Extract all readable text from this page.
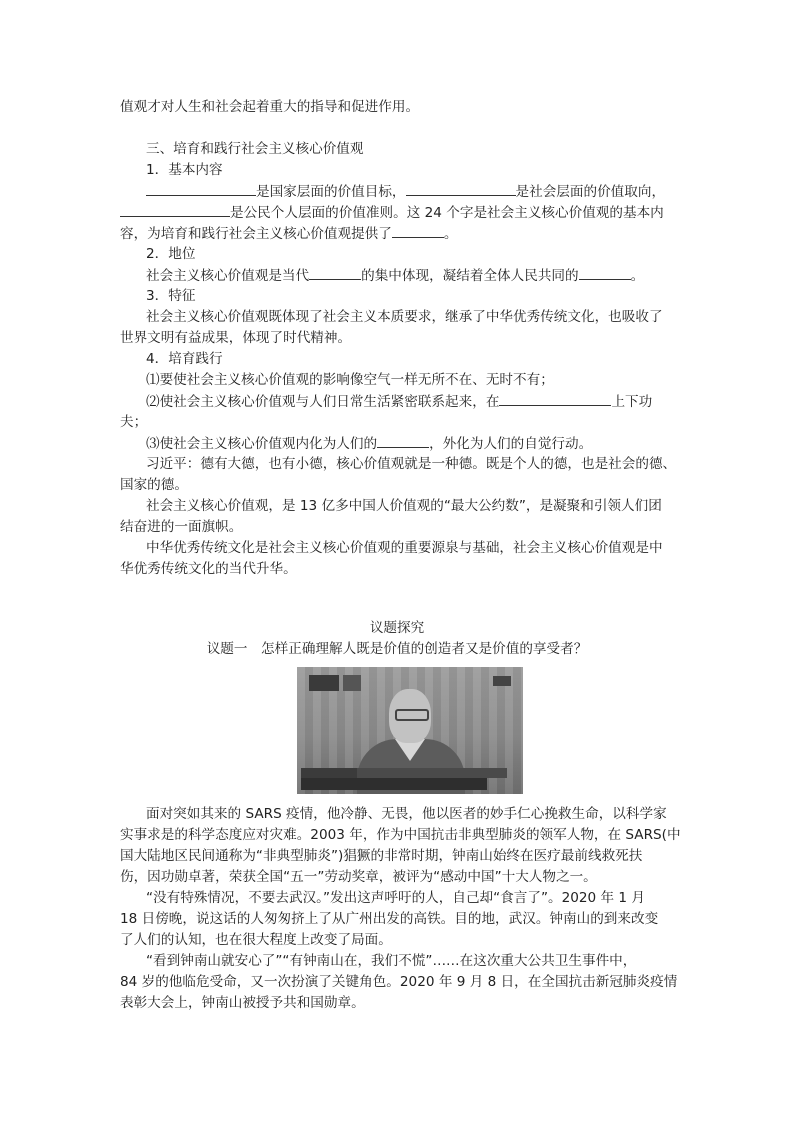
值观才对人生和社会起着重大的指导和促进作用。
三、培育和践行社会主义核心价值观
1．基本内容
是国家层面的价值目标，	是社会层面的价值取向，
是公民个人层面的价值准则。这 24 个字是社会主义核心价值观的基本内
容，为培育和践行社会主义核心价值观提供了	。
2．地位
社会主义核心价值观是当代	的集中体现，凝结着全体人民共同的	。
3．特征
社会主义核心价值观既体现了社会主义本质要求，继承了中华优秀传统文化，也吸收了
世界文明有益成果，体现了时代精神。
4．培育践行
⑴要使社会主义核心价值观的影响像空气一样无所不在、无时不有；
⑵使社会主义核心价值观与人们日常生活紧密联系起来，在	上下功
夫；
⑶使社会主义核心价值观内化为人们的	，外化为人们的自觉行动。
习近平：德有大德，也有小德，核心价值观就是一种德。既是个人的德，也是社会的德、
国家的德。
社会主义核心价值观，是 13 亿多中国人价值观的“最大公约数”，是凝聚和引领人们团
结奋进的一面旗帜。
中华优秀传统文化是社会主义核心价值观的重要源泉与基础，社会主义核心价值观是中
华优秀传统文化的当代升华。
议题探究
议题一　怎样正确理解人既是价值的创造者又是价值的享受者？
面对突如其来的 SARS 疫情，他冷静、无畏，他以医者的妙手仁心挽救生命，以科学家
实事求是的科学态度应对灾难。2003 年，作为中国抗击非典型肺炎的领军人物，在 SARS(中
国大陆地区民间通称为“非典型肺炎”)猖獗的非常时期，钟南山始终在医疗最前线救死扶
伤，因功勋卓著，荣获全国“五一”劳动奖章，被评为“感动中国”十大人物之一。
“没有特殊情况，不要去武汉。”发出这声呼吁的人，自己却“食言了”。2020 年 1 月
18 日傍晚，说这话的人匆匆挤上了从广州出发的高铁。目的地，武汉。钟南山的到来改变
了人们的认知，也在很大程度上改变了局面。
“看到钟南山就安心了”“有钟南山在，我们不慌”……在这次重大公共卫生事件中，
84 岁的他临危受命，又一次扮演了关键角色。2020 年 9 月 8 日，在全国抗击新冠肺炎疫情
表彰大会上，钟南山被授予共和国勋章。
